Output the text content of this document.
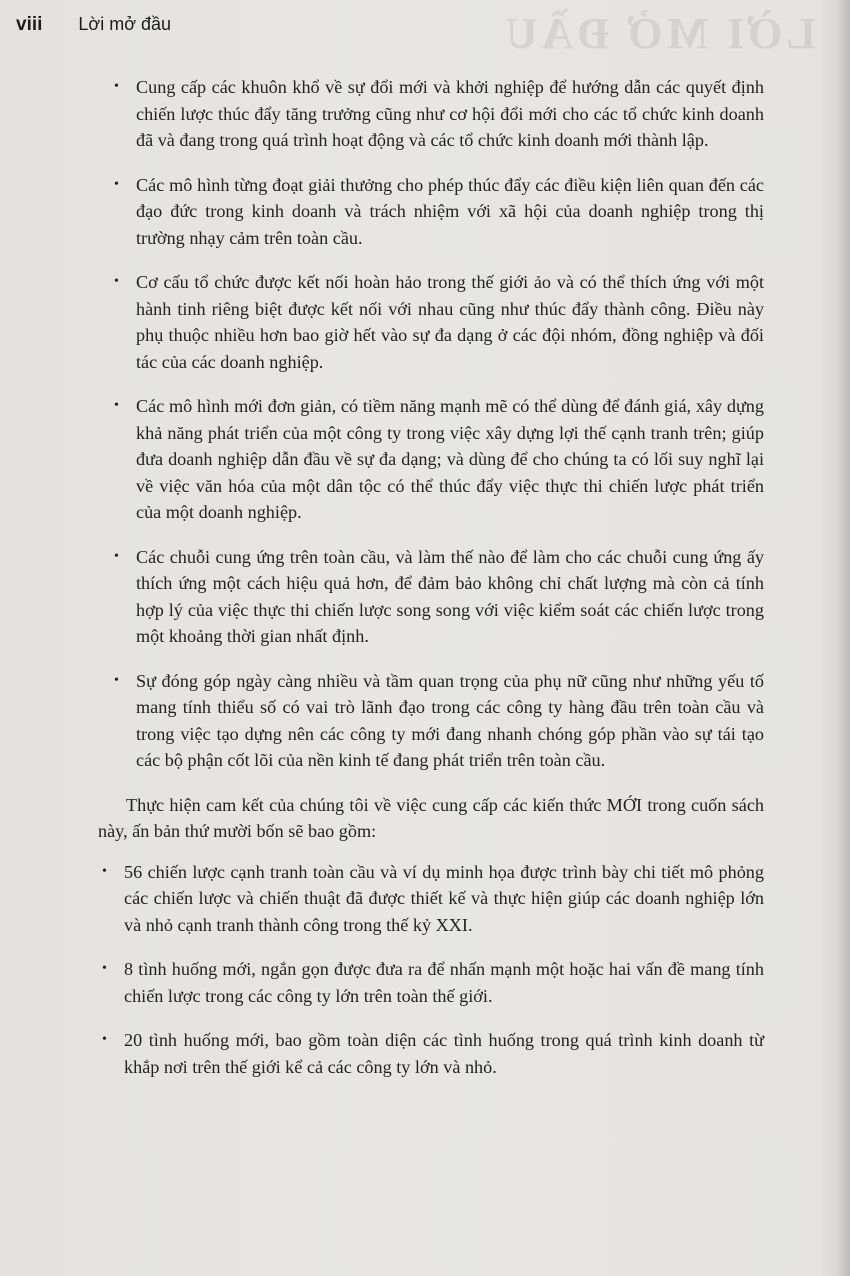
viii Lời mở đầu	LỜI MỞ ĐẦU
• Cung cấp các khuôn khổ về sự đổi mới và khởi nghiệp để hướng dẫn các quyết định chiến lược thúc đẩy tăng trưởng cũng như cơ hội đổi mới cho các tổ chức kinh doanh đã và đang trong quá trình hoạt động và các tổ chức kinh doanh mới thành lập.

• Các mô hình từng đoạt giải thưởng cho phép thúc đẩy các điều kiện liên quan đến các đạo đức trong kinh doanh và trách nhiệm với xã hội của doanh nghiệp trong thị trường nhạy cảm trên toàn cầu.

• Cơ cấu tổ chức được kết nối hoàn hảo trong thế giới ảo và có thể thích ứng với một hành tinh riêng biệt được kết nối với nhau cũng như thúc đẩy thành công. Điều này phụ thuộc nhiều hơn bao giờ hết vào sự đa dạng ở các đội nhóm, đồng nghiệp và đối tác của các doanh nghiệp.

• Các mô hình mới đơn giản, có tiềm năng mạnh mẽ có thể dùng để đánh giá, xây dựng khả năng phát triển của một công ty trong việc xây dựng lợi thế cạnh tranh trên; giúp đưa doanh nghiệp dẫn đầu về sự đa dạng; và dùng để cho chúng ta có lối suy nghĩ lại về việc văn hóa của một dân tộc có thể thúc đẩy việc thực thi chiến lược phát triển của một doanh nghiệp.

• Các chuỗi cung ứng trên toàn cầu, và làm thế nào để làm cho các chuỗi cung ứng ấy thích ứng một cách hiệu quả hơn, để đảm bảo không chỉ chất lượng mà còn cả tính hợp lý của việc thực thi chiến lược song song với việc kiểm soát các chiến lược trong một khoảng thời gian nhất định.

• Sự đóng góp ngày càng nhiều và tầm quan trọng của phụ nữ cũng như những yếu tố mang tính thiểu số có vai trò lãnh đạo trong các công ty hàng đầu trên toàn cầu và trong việc tạo dựng nên các công ty mới đang nhanh chóng góp phần vào sự tái tạo các bộ phận cốt lõi của nền kinh tế đang phát triển trên toàn cầu.

Thực hiện cam kết của chúng tôi về việc cung cấp các kiến thức MỚI trong cuốn sách này, ấn bản thứ mười bốn sẽ bao gồm:

• 56 chiến lược cạnh tranh toàn cầu và ví dụ minh họa được trình bày chi tiết mô phỏng các chiến lược và chiến thuật đã được thiết kế và thực hiện giúp các doanh nghiệp lớn và nhỏ cạnh tranh thành công trong thế kỷ XXI.

• 8 tình huống mới, ngắn gọn được đưa ra để nhấn mạnh một hoặc hai vấn đề mang tính chiến lược trong các công ty lớn trên toàn thế giới.

• 20 tình huống mới, bao gồm toàn diện các tình huống trong quá trình kinh doanh từ khắp nơi trên thế giới kể cả các công ty lớn và nhỏ.
